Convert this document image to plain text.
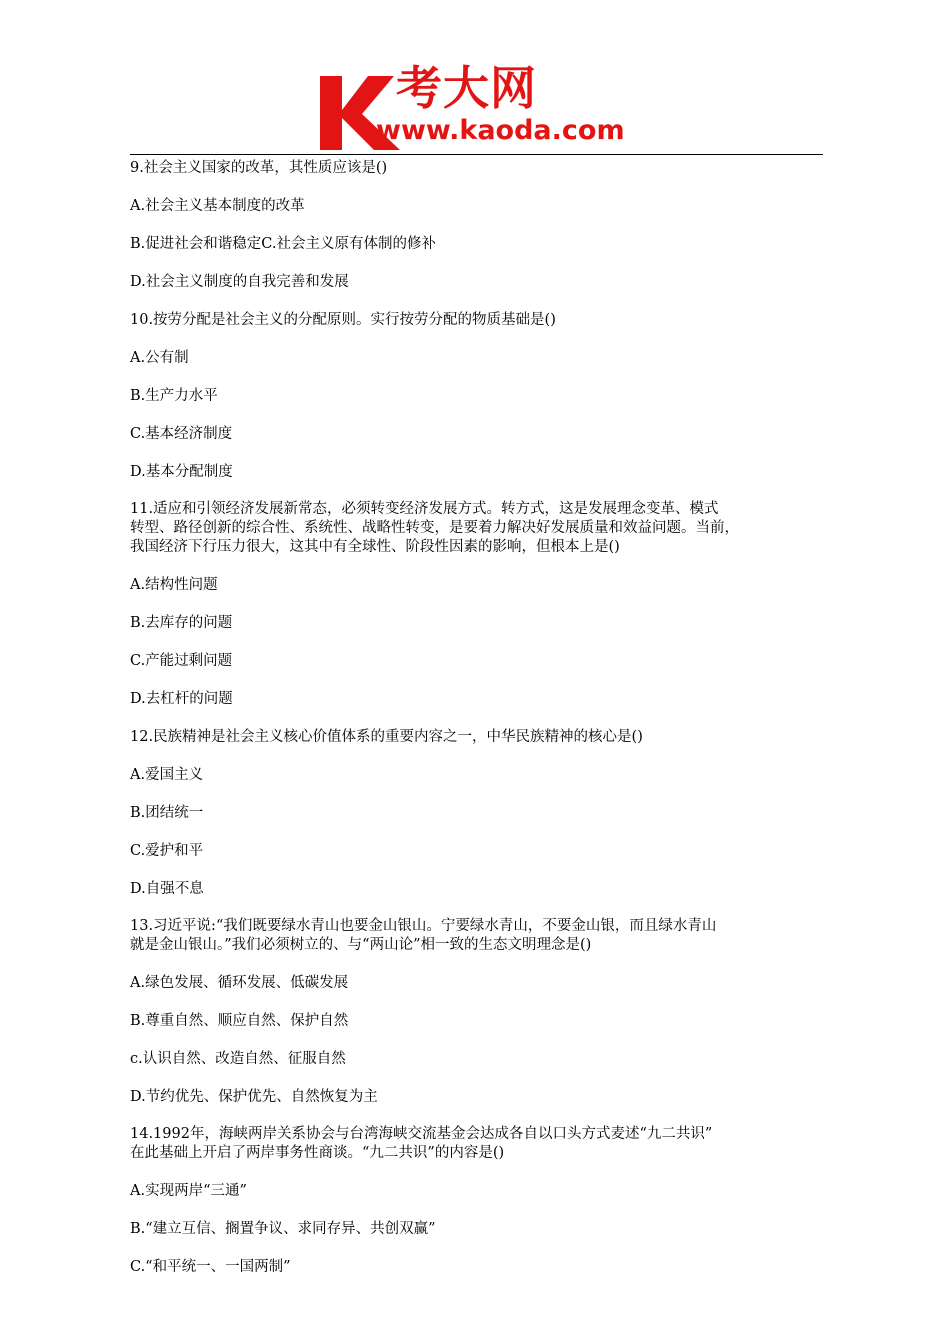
考大网
www.kaoda.com
9.社会主义国家的改革，其性质应该是()
A.社会主义基本制度的改革
B.促进社会和谐稳定C.社会主义原有体制的修补
D.社会主义制度的自我完善和发展
10.按劳分配是社会主义的分配原则。实行按劳分配的物质基础是()
A.公有制
B.生产力水平
C.基本经济制度
D.基本分配制度
11.适应和引领经济发展新常态，必须转变经济发展方式。转方式，这是发展理念变革、模式
转型、路径创新的综合性、系统性、战略性转变，是要着力解决好发展质量和效益问题。当前，
我国经济下行压力很大，这其中有全球性、阶段性因素的影响，但根本上是()
A.结构性问题
B.去库存的问题
C.产能过剩问题
D.去杠杆的问题
12.民族精神是社会主义核心价值体系的重要内容之一，中华民族精神的核心是()
A.爱国主义
B.团结统一
C.爱护和平
D.自强不息
13.习近平说:“我们既要绿水青山也要金山银山。宁要绿水青山，不要金山银，而且绿水青山
就是金山银山。”我们必须树立的、与“两山论”相一致的生态文明理念是()
A.绿色发展、循环发展、低碳发展
B.尊重自然、顺应自然、保护自然
c.认识自然、改造自然、征服自然
D.节约优先、保护优先、自然恢复为主
14.1992年，海峡两岸关系协会与台湾海峡交流基金会达成各自以口头方式麦述“九二共识”
在此基础上开启了两岸事务性商谈。“九二共识”的内容是()
A.实现两岸“三通”
B.“建立互信、搁置争议、求同存异、共创双赢”
C.“和平统一、一国两制”
